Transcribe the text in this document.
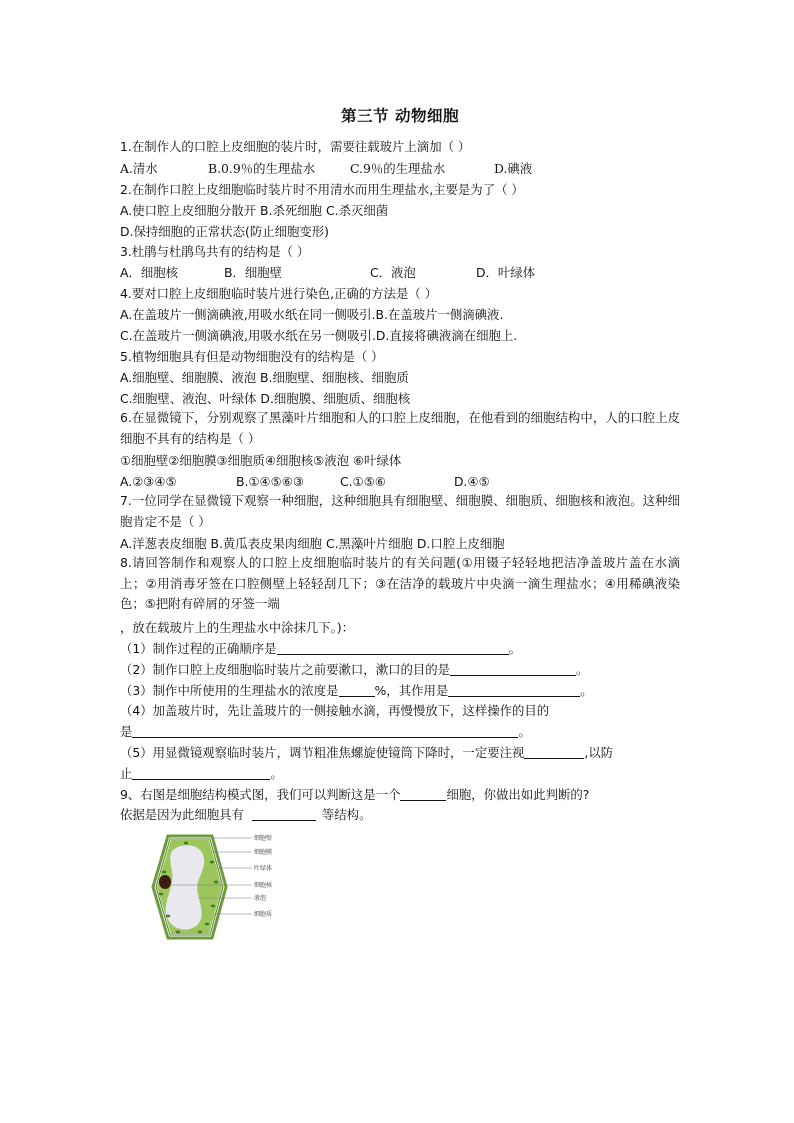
第三节 动物细胞
1.在制作人的口腔上皮细胞的装片时，需要往载玻片上滴加（ ）
A.清水	B.0.9％的生理盐水	C.9％的生理盐水	D.碘液
2.在制作口腔上皮细胞临时装片时不用清水而用生理盐水,主要是为了（ ）
A.使口腔上皮细胞分散开 B.杀死细胞 C.杀灭细菌
D.保持细胞的正常状态(防止细胞变形)
3.杜鹃与杜鹃鸟共有的结构是（ ）
A．细胞核	B．细胞壁	C．液泡	D．叶绿体
4.要对口腔上皮细胞临时装片进行染色,正确的方法是（ ）
A.在盖玻片一侧滴碘液,用吸水纸在同一侧吸引.B.在盖玻片一侧滴碘液.
C.在盖玻片一侧滴碘液,用吸水纸在另一侧吸引.D.直接将碘液滴在细胞上.
5.植物细胞具有但是动物细胞没有的结构是（ ）
A.细胞壁、细胞膜、液泡 B.细胞壁、细胞核、细胞质
C.细胞壁、液泡、叶绿体 D.细胞膜、细胞质、细胞核
6.在显微镜下，分别观察了黑藻叶片细胞和人的口腔上皮细胞，在他看到的细胞结构中，人的口腔上皮细胞不具有的结构是（ ）
①细胞壁②细胞膜③细胞质④细胞核⑤液泡 ⑥叶绿体
A.②③④⑤	B.①④⑤⑥③	C.①⑤⑥	D.④⑤
7.一位同学在显微镜下观察一种细胞，这种细胞具有细胞壁、细胞膜、细胞质、细胞核和液泡。这种细胞肯定不是（ ）
A.洋葱表皮细胞 B.黄瓜表皮果肉细胞 C.黑藻叶片细胞 D.口腔上皮细胞
8.请回答制作和观察人的口腔上皮细胞临时装片的有关问题(①用镊子轻轻地把洁净盖玻片盖在水滴上；②用消毒牙签在口腔侧壁上轻轻刮几下；③在洁净的载玻片中央滴一滴生理盐水；④用稀碘液染色；⑤把附有碎屑的牙签一端
，放在载玻片上的生理盐水中涂抹几下。)：
（1）制作过程的正确顺序是	。
（2）制作口腔上皮细胞临时装片之前要漱口，漱口的目的是	。
（3）制作中所使用的生理盐水的浓度是	%，其作用是	。
（4）加盖玻片时，先让盖玻片的一侧接触水滴，再慢慢放下，这样操作的目的
是	。
（5）用显微镜观察临时装片，调节粗准焦螺旋使镜筒下降时，一定要注视	,以防
止	。
9、右图是细胞结构模式图，我们可以判断这是一个	细胞，你做出如此判断的?
依据是因为此细胞具有	等结构。
细胞壁
细胞膜
叶绿体
细胞核
液泡
细胞质
